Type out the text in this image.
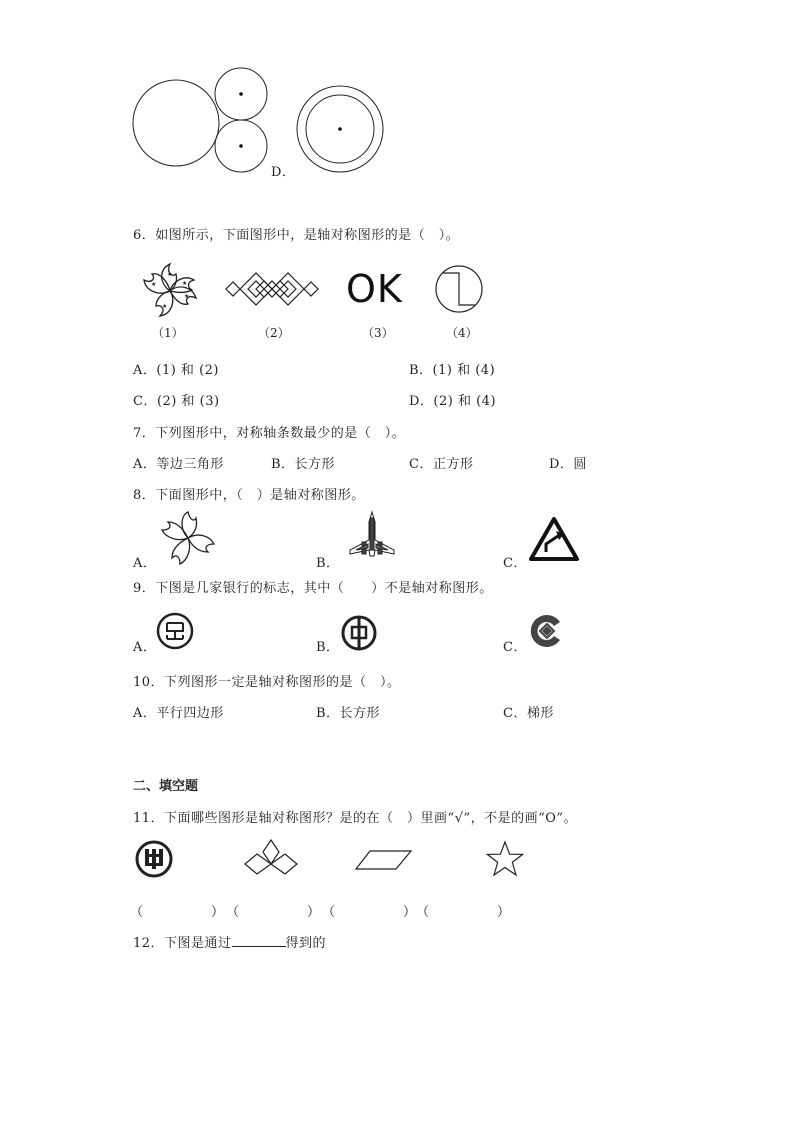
D．
6．如图所示，下面图形中，是轴对称图形的是（　）。
★
★
★
★	★	OK
（1）	（2）	（3）	（4）
A．(1) 和 (2)	B．(1) 和 (4)
C．(2) 和 (3)	D．(2) 和 (4)
7．下列图形中，对称轴条数最少的是（　）。
A．等边三角形	B．长方形	C．正方形	D．圆
8．下面图形中，（　）是轴对称图形。
A．	B．	C．
9．下图是几家银行的标志，其中（　　）不是轴对称图形。
A．	B．	C．
10．下列图形一定是轴对称图形的是（　）。
A．平行四边形	B．长方形	C．梯形
二、填空题
11．下面哪些图形是轴对称图形？是的在（　）里画“√”，不是的画“O”。
（　　　　　） （　　　　　） （　　　　　） （　　　　　）
12．下图是通过	得到的
